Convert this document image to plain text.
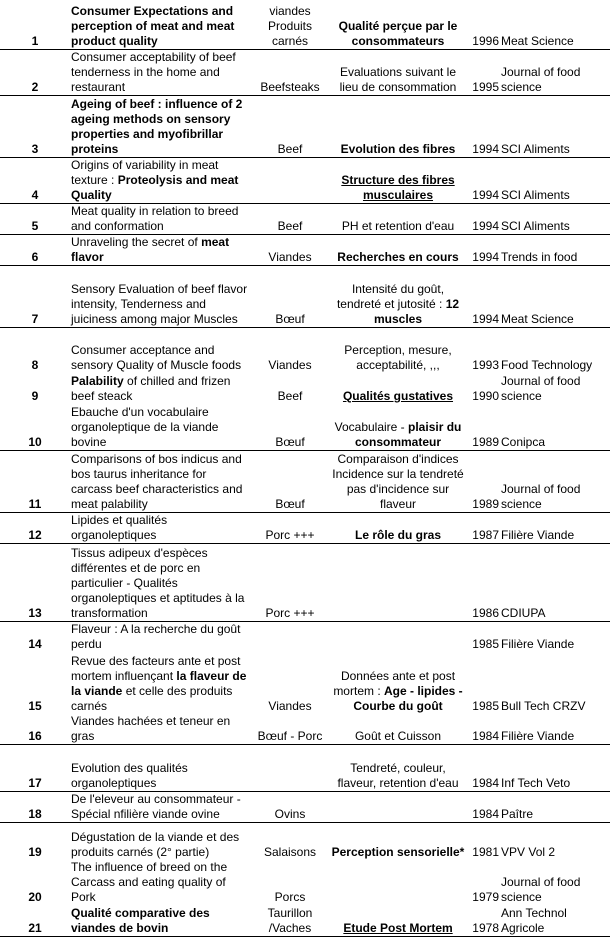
1	Consumer Expectations and perception of meat and meat product quality	viandes Produits carnés	Qualité perçue par le consommateurs	1996	Meat Science
2	Consumer acceptability of beef tenderness in the home and restaurant	Beefsteaks	Evaluations suivant le lieu de consommation	1995	Journal of food science
3	Ageing of beef : influence of 2 ageing methods on sensory properties and myofibrillar proteins	Beef	Evolution des fibres	1994	SCI Aliments
4	Origins of variability in meat texture : Proteolysis and meat Quality		Structure des fibres musculaires	1994	SCI Aliments
5	Meat quality in relation to breed and conformation	Beef	PH et retention d'eau	1994	SCI Aliments
6	Unraveling the secret of meat flavor	Viandes	Recherches en cours	1994	Trends in food
7	Sensory Evaluation of beef flavor intensity, Tenderness and juiciness among major Muscles	Bœuf	Intensité du goût, tendreté et jutosité : 12 muscles	1994	Meat Science
8	Consumer acceptance and sensory Quality of Muscle foods	Viandes	Perception, mesure, acceptabilité, ,,,	1993	Food Technology
9	Palability of chilled and frizen beef steack	Beef	Qualités gustatives	1990	Journal of food science
10	Ebauche d'un vocabulaire organoleptique de la viande bovine	Bœuf	Vocabulaire - plaisir du consommateur	1989	Conipca
11	Comparisons of bos indicus and bos taurus inheritance for carcass beef characteristics and meat palability	Bœuf	Comparaison d'indices Incidence sur la tendreté pas d'incidence sur flaveur	1989	Journal of food science
12	Lipides et qualités organoleptiques	Porc +++	Le rôle du gras	1987	Filière Viande
13	Tissus adipeux d'espèces différentes et de porc en particulier - Qualités organoleptiques et aptitudes à la transformation	Porc +++		1986	CDIUPA
14	Flaveur : A la recherche du goût perdu			1985	Filière Viande
15	Revue des facteurs ante et post mortem influençant la flaveur de la viande et celle des produits carnés	Viandes	Données ante et post mortem : Age - lipides - Courbe du goût	1985	Bull Tech CRZV
16	Viandes hachées et teneur en gras	Bœuf - Porc	Goût et Cuisson	1984	Filière Viande
17	Evolution des qualités organoleptiques		Tendreté, couleur, flaveur, retention d'eau	1984	Inf Tech Veto
18	De l'eleveur au consommateur - Spécial nfilière viande ovine	Ovins		1984	Paître
19	Dégustation de la viande et des produits carnés (2° partie)	Salaisons	Perception sensorielle*	1981	VPV Vol 2
20	The influence of breed on the Carcass and eating quality of Pork	Porcs		1979	Journal of food science
21	Qualité comparative des viandes de bovin	Taurillon /Vaches	Etude Post Mortem	1978	Ann Technol Agricole
